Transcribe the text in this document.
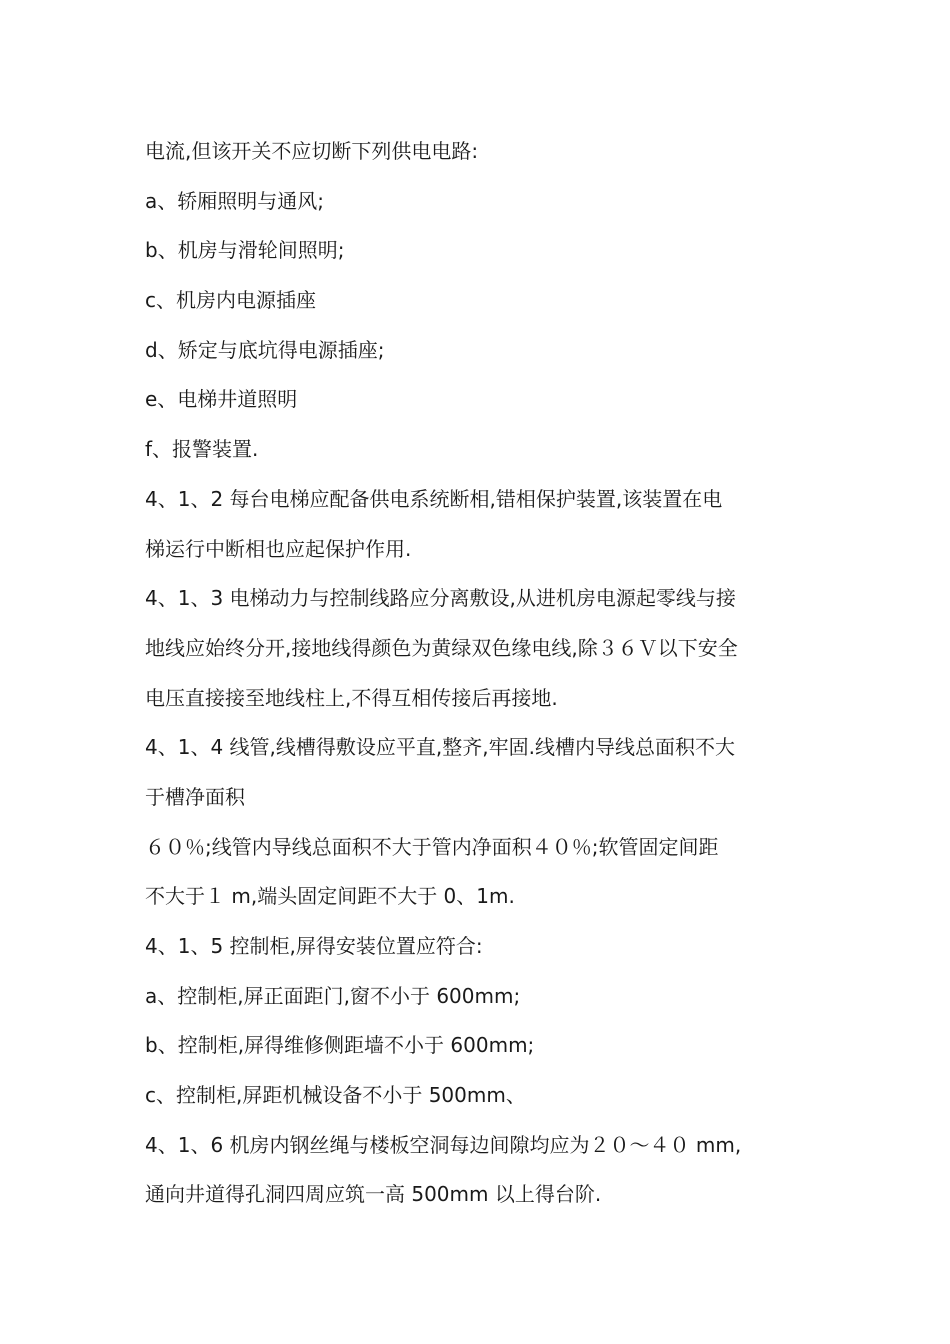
电流,但该开关不应切断下列供电电路:
a、轿厢照明与通风;
b、机房与滑轮间照明;
c、机房内电源插座
d、矫定与底坑得电源插座;
e、电梯井道照明
f、报警装置.
4、1、2 每台电梯应配备供电系统断相,错相保护装置,该装置在电
梯运行中断相也应起保护作用.
4、1、3 电梯动力与控制线路应分离敷设,从进机房电源起零线与接
地线应始终分开,接地线得颜色为黄绿双色缘电线,除３６Ｖ以下安全
电压直接接至地线柱上,不得互相传接后再接地.
4、1、4 线管,线槽得敷设应平直,整齐,牢固.线槽内导线总面积不大
于槽净面积
６０％;线管内导线总面积不大于管内净面积４０％;软管固定间距
不大于１ m,端头固定间距不大于 0、1m.
4、1、5 控制柜,屏得安装位置应符合:
a、控制柜,屏正面距门,窗不小于 600mm;
b、控制柜,屏得维修侧距墙不小于 600mm;
c、控制柜,屏距机械设备不小于 500mm、
4、1、6 机房内钢丝绳与楼板空洞每边间隙均应为２０～４０ mm,
通向井道得孔洞四周应筑一高 500mm 以上得台阶.
